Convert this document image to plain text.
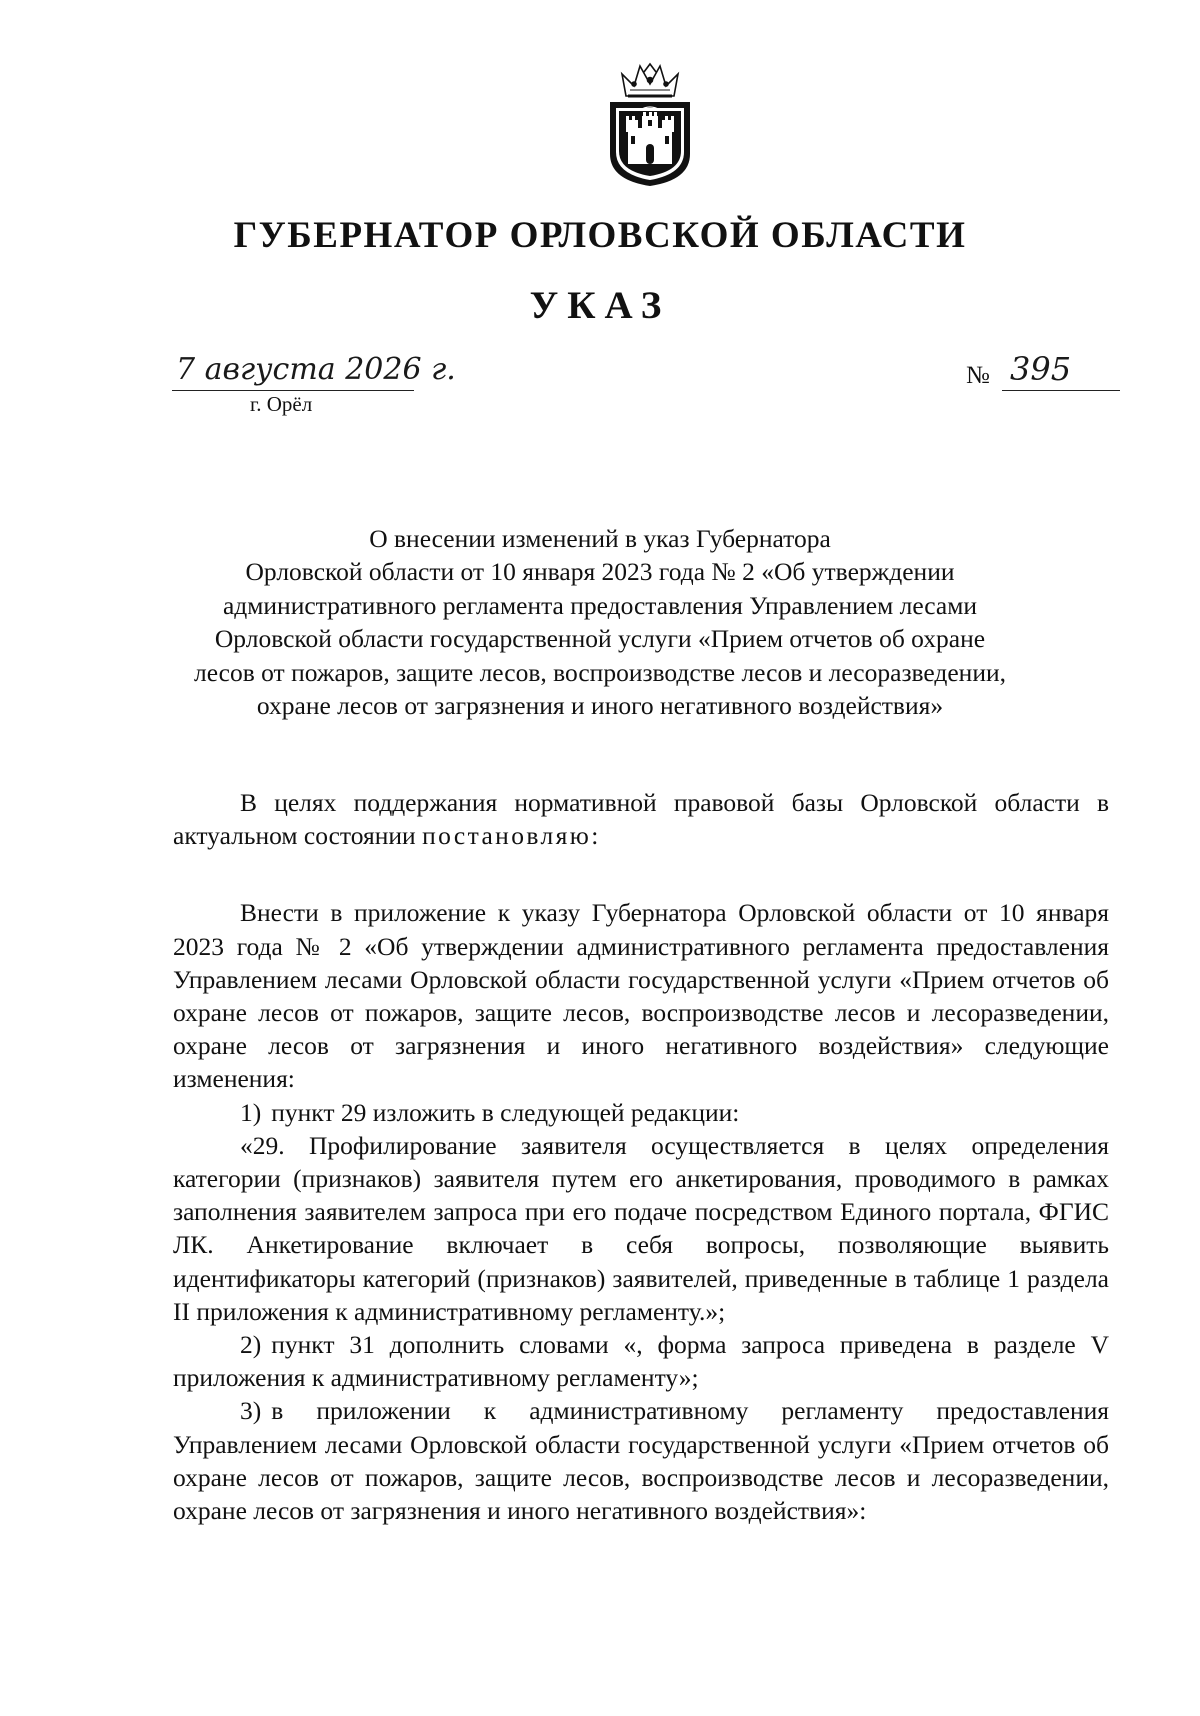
ГУБЕРНАТОР ОРЛОВСКОЙ ОБЛАСТИ
УКАЗ
7 августа 2026 г.
г. Орёл
№ 395
О внесении изменений в указ Губернатора
Орловской области от 10 января 2023 года № 2 «Об утверждении
административного регламента предоставления Управлением лесами
Орловской области государственной услуги «Прием отчетов об охране
лесов от пожаров, защите лесов, воспроизводстве лесов и лесоразведении,
охране лесов от загрязнения и иного негативного воздействия»

В целях поддержания нормативной правовой базы Орловской области в актуальном состоянии постановляю:

Внести в приложение к указу Губернатора Орловской области от 10 января 2023 года № 2 «Об утверждении административного регламента предоставления Управлением лесами Орловской области государственной услуги «Прием отчетов об охране лесов от пожаров, защите лесов, воспроизводстве лесов и лесоразведении, охране лесов от загрязнения и иного негативного воздействия» следующие изменения:

1) пункт 29 изложить в следующей редакции:

«29. Профилирование заявителя осуществляется в целях определения категории (признаков) заявителя путем его анкетирования, проводимого в рамках заполнения заявителем запроса при его подаче посредством Единого портала, ФГИС ЛК. Анкетирование включает в себя вопросы, позволяющие выявить идентификаторы категорий (признаков) заявителей, приведенные в таблице 1 раздела II приложения к административному регламенту.»;

2) пункт 31 дополнить словами «, форма запроса приведена в разделе V приложения к административному регламенту»;

3) в приложении к административному регламенту предоставления Управлением лесами Орловской области государственной услуги «Прием отчетов об охране лесов от пожаров, защите лесов, воспроизводстве лесов и лесоразведении, охране лесов от загрязнения и иного негативного воздействия»:
